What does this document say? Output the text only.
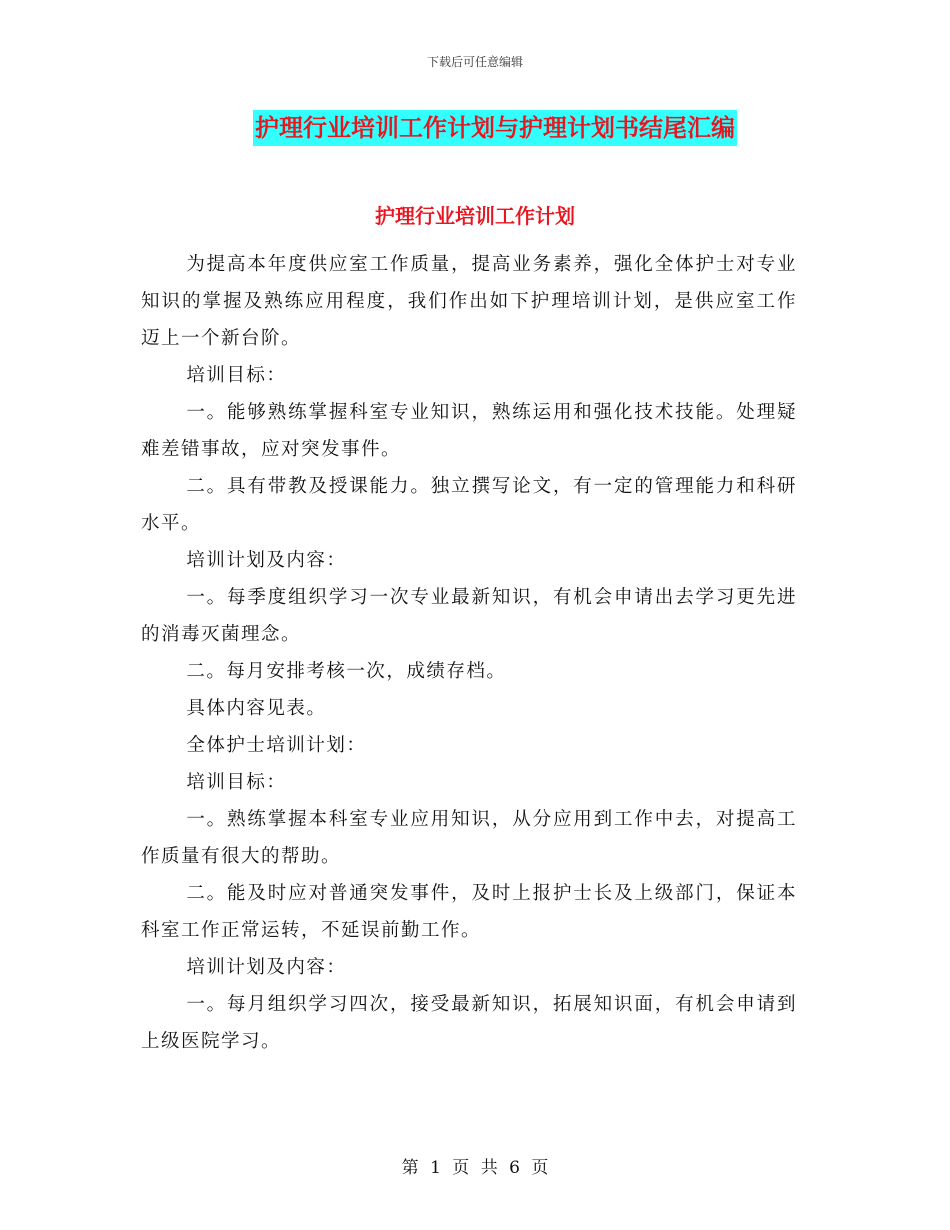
下载后可任意编辑
护理行业培训工作计划与护理计划书结尾汇编
护理行业培训工作计划

为提高本年度供应室工作质量，提高业务素养，强化全体护士对专业知识的掌握及熟练应用程度，我们作出如下护理培训计划，是供应室工作迈上一个新台阶。

培训目标：

一。能够熟练掌握科室专业知识，熟练运用和强化技术技能。处理疑难差错事故，应对突发事件。

二。具有带教及授课能力。独立撰写论文，有一定的管理能力和科研水平。

培训计划及内容：

一。每季度组织学习一次专业最新知识，有机会申请出去学习更先进的消毒灭菌理念。

二。每月安排考核一次，成绩存档。

具体内容见表。

全体护士培训计划：

培训目标：

一。熟练掌握本科室专业应用知识，从分应用到工作中去，对提高工作质量有很大的帮助。

二。能及时应对普通突发事件，及时上报护士长及上级部门，保证本科室工作正常运转，不延误前勤工作。

培训计划及内容：

一。每月组织学习四次，接受最新知识，拓展知识面，有机会申请到上级医院学习。

第 1 页 共 6 页
